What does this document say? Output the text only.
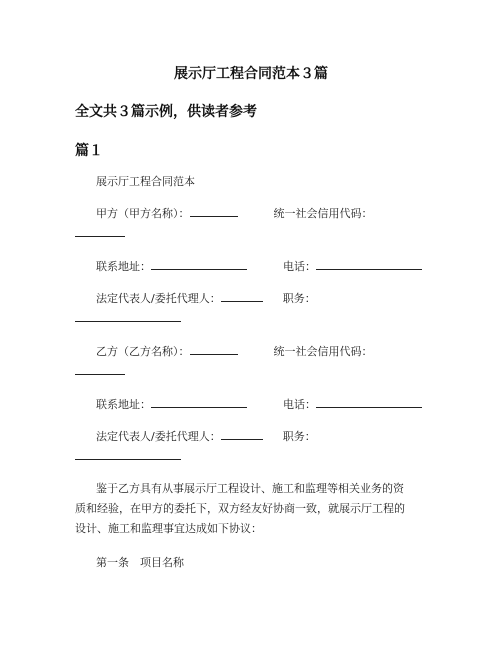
展示厅工程合同范本３篇
全文共３篇示例，供读者参考
篇１
展示厅工程合同范本
甲方（甲方名称）：	统一社会信用代码：
联系地址：	电话：
法定代表人/委托代理人：	职务：
乙方（乙方名称）：	统一社会信用代码：
联系地址：	电话：
法定代表人/委托代理人：	职务：
鉴于乙方具有从事展示厅工程设计、施工和监理等相关业务的资
质和经验，在甲方的委托下，双方经友好协商一致，就展示厅工程的
设计、施工和监理事宜达成如下协议：
第一条　项目名称
